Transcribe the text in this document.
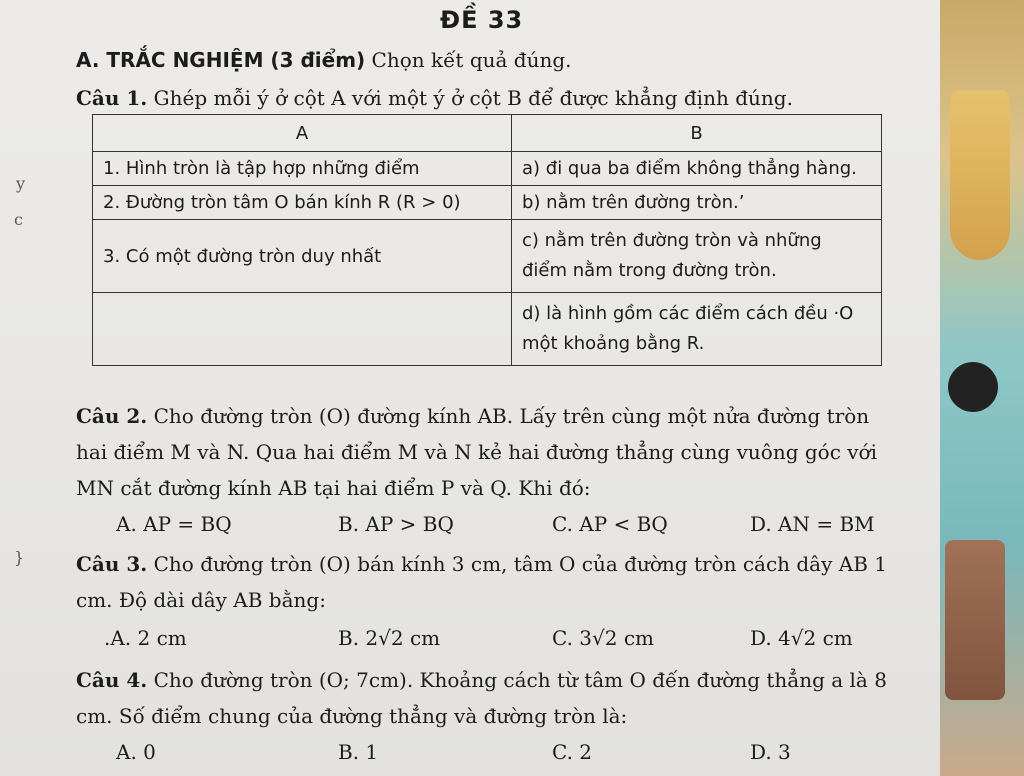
y
c
}
ĐỀ 33
A. TRẮC NGHIỆM (3 điểm) Chọn kết quả đúng.
Câu 1. Ghép mỗi ý ở cột A với một ý ở cột B để được khẳng định đúng.
A	B
1. Hình tròn là tập hợp những điểm	a) đi qua ba điểm không thẳng hàng.
2. Đường tròn tâm O bán kính R (R > 0)	b) nằm trên đường tròn.’
3. Có một đường tròn duy nhất	c) nằm trên đường tròn và những điểm nằm trong đường tròn.
	d) là hình gồm các điểm cách đều ·O một khoảng bằng R.
Câu 2. Cho đường tròn (O) đường kính AB. Lấy trên cùng một nửa đường tròn hai điểm M và N. Qua hai điểm M và N kẻ hai đường thẳng cùng vuông góc với MN cắt đường kính AB tại hai điểm P và Q. Khi đó:
A. AP = BQ	B. AP > BQ	C. AP < BQ	D. AN = BM
Câu 3. Cho đường tròn (O) bán kính 3 cm, tâm O của đường tròn cách dây AB 1 cm. Độ dài dây AB bằng:
.A. 2 cm	B. 2√2 cm	C. 3√2 cm	D. 4√2 cm
Câu 4. Cho đường tròn (O; 7cm). Khoảng cách từ tâm O đến đường thẳng a là 8 cm. Số điểm chung của đường thẳng và đường tròn là:
A. 0	B. 1	C. 2	D. 3
